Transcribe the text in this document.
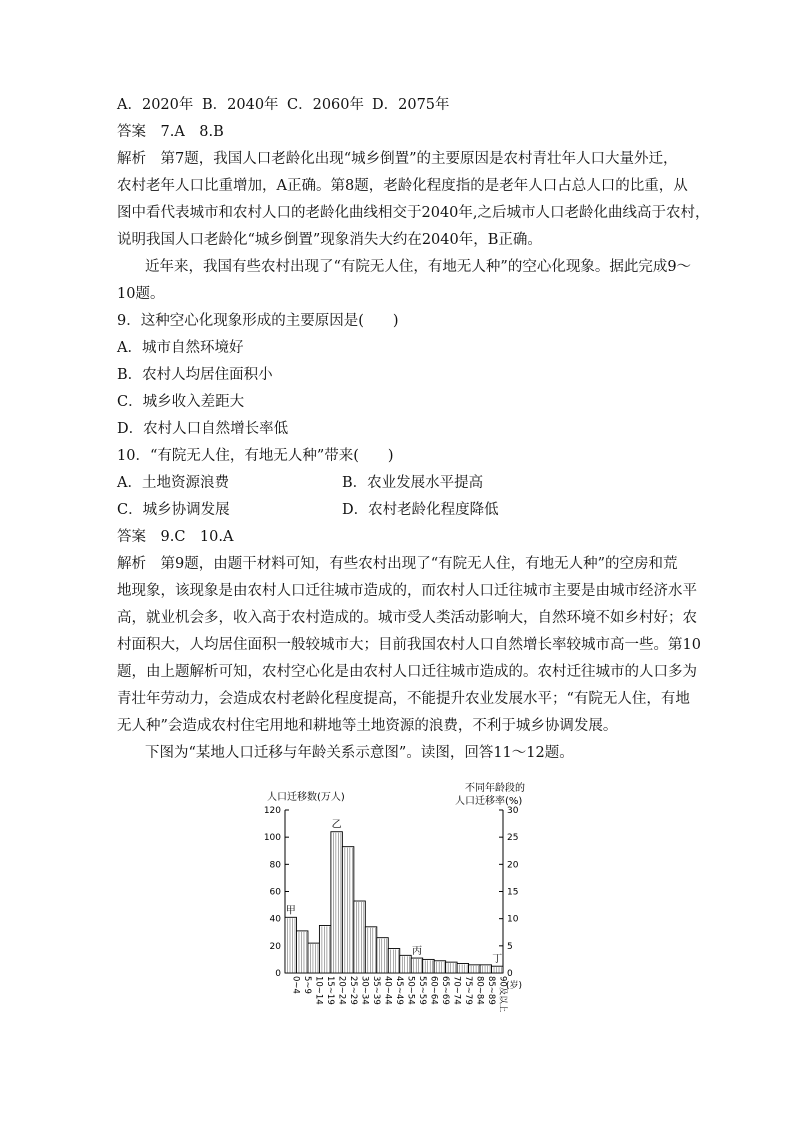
A．2020年 B．2040年 C．2060年 D．2075年
答案　7.A　8.B
解析　第7题，我国人口老龄化出现“城乡倒置”的主要原因是农村青壮年人口大量外迁，
农村老年人口比重增加，A正确。第8题，老龄化程度指的是老年人口占总人口的比重，从
图中看代表城市和农村人口的老龄化曲线相交于2040年,之后城市人口老龄化曲线高于农村，
说明我国人口老龄化“城乡倒置”现象消失大约在2040年，B正确。
近年来，我国有些农村出现了“有院无人住，有地无人种”的空心化现象。据此完成9～
10题。
9．这种空心化现象形成的主要原因是(　　)
A．城市自然环境好
B．农村人均居住面积小
C．城乡收入差距大
D．农村人口自然增长率低
10．“有院无人住，有地无人种”带来(　　)
A．土地资源浪费	B．农业发展水平提高
C．城乡协调发展	D．农村老龄化程度降低
答案　9.C　10.A
解析　第9题，由题干材料可知，有些农村出现了“有院无人住，有地无人种”的空房和荒
地现象，该现象是由农村人口迁往城市造成的，而农村人口迁往城市主要是由城市经济水平
高，就业机会多，收入高于农村造成的。城市受人类活动影响大，自然环境不如乡村好；农
村面积大，人均居住面积一般较城市大；目前我国农村人口自然增长率较城市高一些。第10
题，由上题解析可知，农村空心化是由农村人口迁往城市造成的。农村迁往城市的人口多为
青壮年劳动力，会造成农村老龄化程度提高，不能提升农业发展水平；“有院无人住，有地
无人种”会造成农村住宅用地和耕地等土地资源的浪费，不利于城乡协调发展。
下图为“某地人口迁移与年龄关系示意图”。读图，回答11～12题。
人口迁移数(万人)
不同年龄段的
人口迁移率(%)
(岁)
0
20
40
60
80
100
120
0
5
10
15
20
25
30
0~4 5~9 10~14 15~19 20~24 25~29 30~34 35~39 40~44 45~49 50~54 55~59 60~64 65~69 70~74 75~79 80~84 85~89 90及以上
甲
乙
丙
丁
